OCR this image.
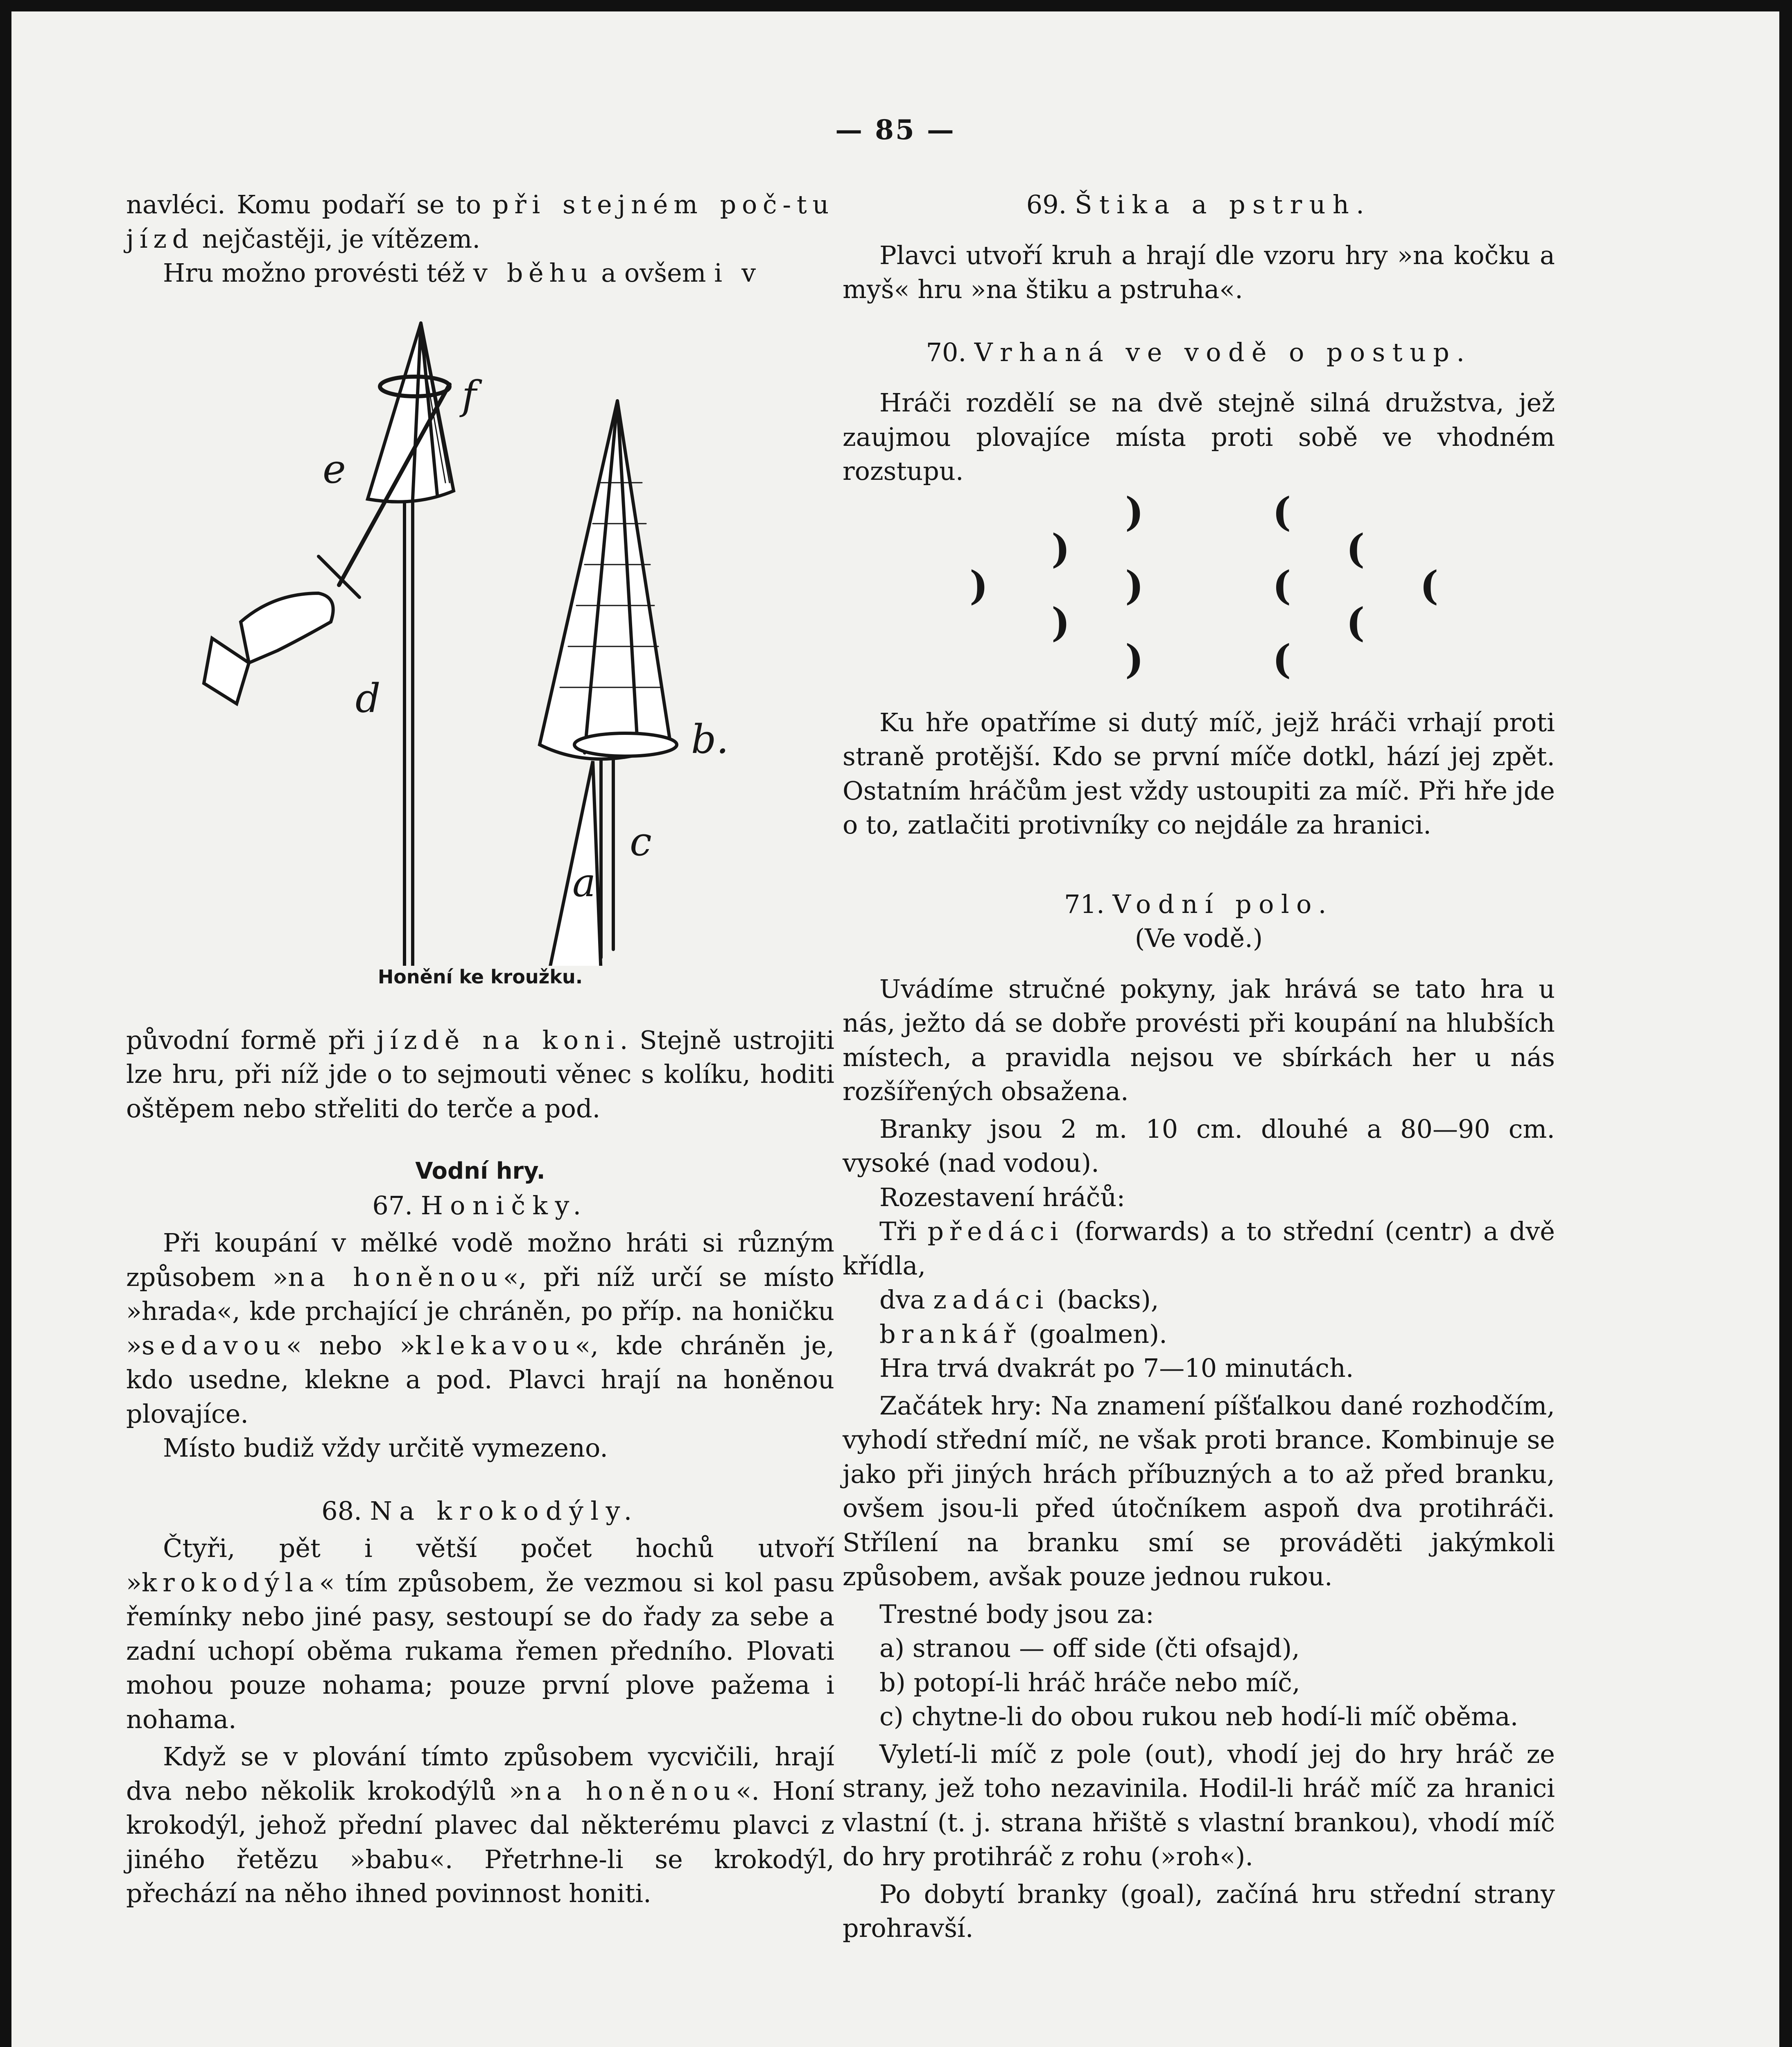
— 85 —

navléci. Komu podaří se to při stejném poč-tu jízd nejčastěji, je vítězem.

Hru možno provésti též v běhu a ovšem i v

f
e
d
b.
c
a
Honění ke kroužku.

původní formě při jízdě na koni. Stejně ustrojiti lze hru, při níž jde o to sejmouti věnec s kolíku, hoditi oštěpem nebo střeliti do terče a pod.

Vodní hry.

67. Honičky.

Při koupání v mělké vodě možno hráti si různým způsobem »na honěnou«, při níž určí se místo »hrada«, kde prchající je chráněn, po příp. na honičku »sedavou« nebo »klekavou«, kde chráněn je, kdo usedne, klekne a pod. Plavci hrají na honěnou plovajíce.

Místo budiž vždy určitě vymezeno.

68. Na krokodýly.

Čtyři, pět i větší počet hochů utvoří »krokodýla« tím způsobem, že vezmou si kol pasu řemínky nebo jiné pasy, sestoupí se do řady za sebe a zadní uchopí oběma rukama řemen předního. Plovati mohou pouze nohama; pouze první plove pažema i nohama.

Když se v plování tímto způsobem vycvičili, hrají dva nebo několik krokodýlů »na honěnou«. Honí krokodýl, jehož přední plavec dal některému plavci z jiného řetězu »babu«. Přetrhne-li se krokodýl, přechází na něho ihned povinnost honiti.

69. Štika a pstruh.

Plavci utvoří kruh a hrají dle vzoru hry »na kočku a myš« hru »na štiku a pstruha«.

70. Vrhaná ve vodě o postup.

Hráči rozdělí se na dvě stejně silná družstva, jež zaujmou plovajíce místa proti sobě ve vhodném rozstupu.

)
)
)	)
)
)
(
(
(	(
(
(

Ku hře opatříme si dutý míč, jejž hráči vrhají proti straně protější. Kdo se první míče dotkl, hází jej zpět. Ostatním hráčům jest vždy ustoupiti za míč. Při hře jde o to, zatlačiti protivníky co nejdále za hranici.

71. Vodní polo.

(Ve vodě.)

Uvádíme stručné pokyny, jak hrává se tato hra u nás, ježto dá se dobře provésti při koupání na hlubších místech, a pravidla nejsou ve sbírkách her u nás rozšířených obsažena.

Branky jsou 2 m. 10 cm. dlouhé a 80—90 cm. vysoké (nad vodou).

Rozestavení hráčů:

Tři předáci (forwards) a to střední (centr) a dvě křídla,

dva zadáci (backs),

brankář (goalmen).

Hra trvá dvakrát po 7—10 minutách.

Začátek hry: Na znamení píšťalkou dané rozhodčím, vyhodí střední míč, ne však proti brance. Kombinuje se jako při jiných hrách příbuzných a to až před branku, ovšem jsou-li před útočníkem aspoň dva protihráči. Střílení na branku smí se prováděti jakýmkoli způsobem, avšak pouze jednou rukou.

Trestné body jsou za:

a) stranou — off side (čti ofsajd),

b) potopí-li hráč hráče nebo míč,

c) chytne-li do obou rukou neb hodí-li míč oběma.

Vyletí-li míč z pole (out), vhodí jej do hry hráč ze strany, jež toho nezavinila. Hodil-li hráč míč za hranici vlastní (t. j. strana hřiště s vlastní brankou), vhodí míč do hry protihráč z rohu (»roh«).

Po dobytí branky (goal), začíná hru střední strany prohravší.
